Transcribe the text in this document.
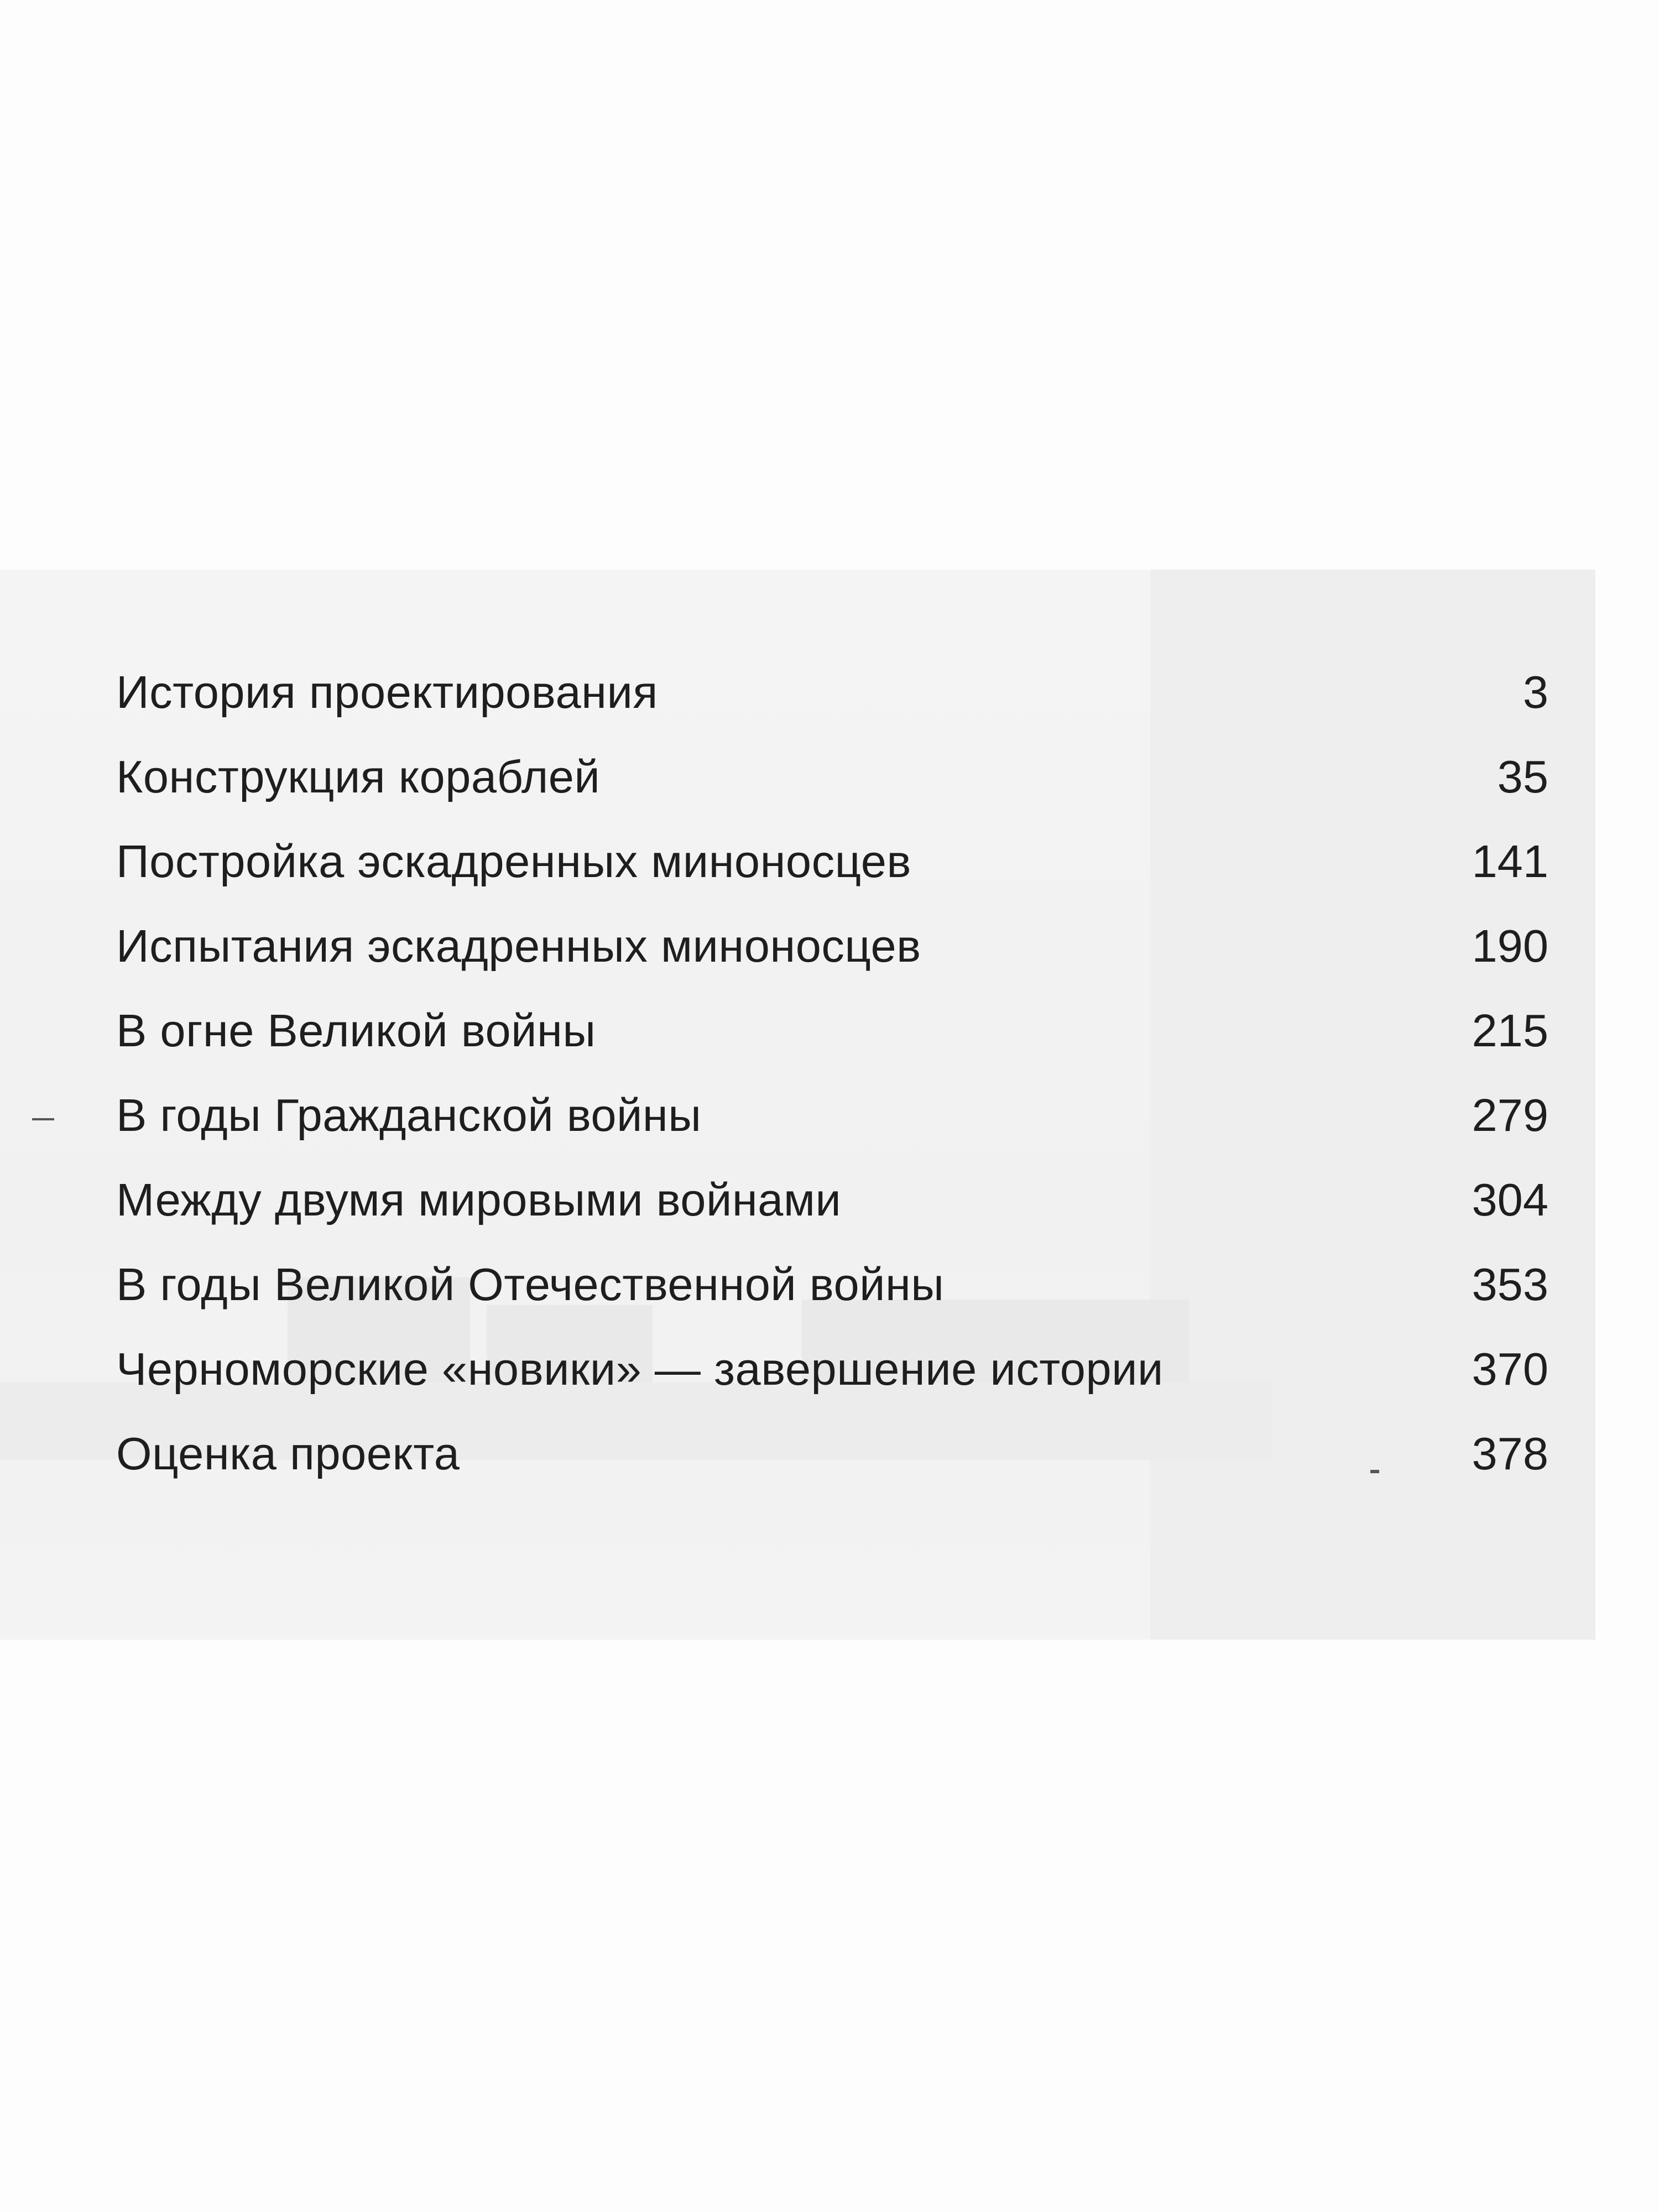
История проектирования	3
Конструкция кораблей	35
Постройка эскадренных миноносцев	141
Испытания эскадренных миноносцев	190
В огне Великой войны	215
В годы Гражданской войны	279
Между двумя мировыми войнами	304
В годы Великой Отечественной войны	353
Черноморские «новики» — завершение истории	370
Оценка проекта	378
